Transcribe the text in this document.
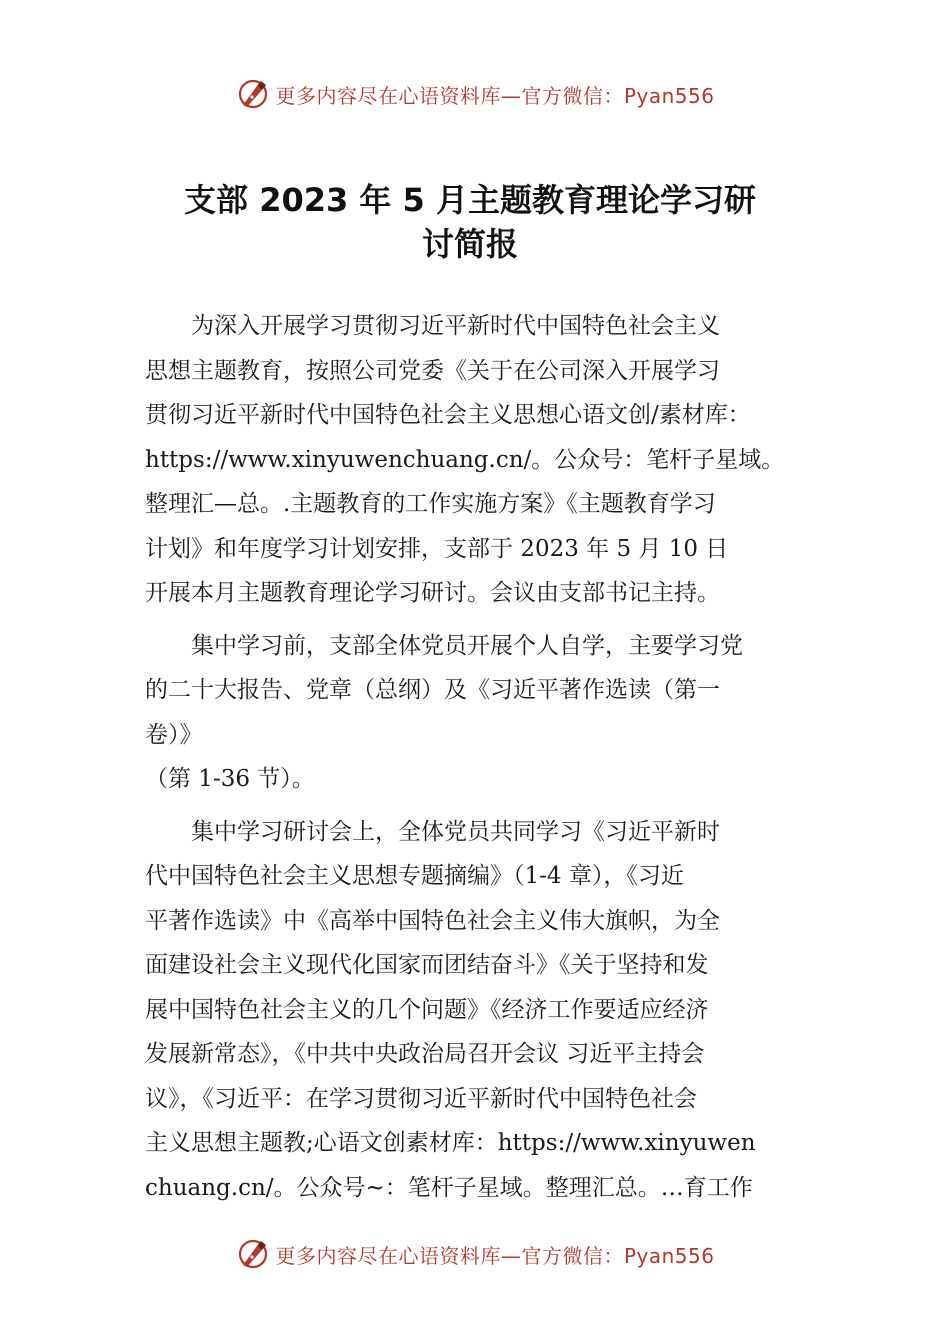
更多内容尽在心语资料库—官方微信：Pyan556
支部 2023 年 5 月主题教育理论学习研
讨简报

为深入开展学习贯彻习近平新时代中国特色社会主义
思想主题教育，按照公司党委《关于在公司深入开展学习
贯彻习近平新时代中国特色社会主义思想心语文创/素材库：
https://www.xinyuwenchuang.cn/。公众号：笔杆子星域。
整理汇—总。.主题教育的工作实施方案》《主题教育学习
计划》和年度学习计划安排，支部于 2023 年 5 月 10 日
开展本月主题教育理论学习研讨。会议由支部书记主持。

集中学习前，支部全体党员开展个人自学，主要学习党
的二十大报告、党章（总纲）及《习近平著作选读（第一
卷）》
（第 1-36 节）。

集中学习研讨会上，全体党员共同学习《习近平新时
代中国特色社会主义思想专题摘编》（1-4 章），《习近
平著作选读》中《高举中国特色社会主义伟大旗帜，为全
面建设社会主义现代化国家而团结奋斗》《关于坚持和发
展中国特色社会主义的几个问题》《经济工作要适应经济
发展新常态》，《中共中央政治局召开会议 习近平主持会
议》，《习近平：在学习贯彻习近平新时代中国特色社会
主义思想主题教;心语文创素材库：https://www.xinyuwen
chuang.cn/。公众号~：笔杆子星域。整理汇总。…育工作

更多内容尽在心语资料库—官方微信：Pyan556
